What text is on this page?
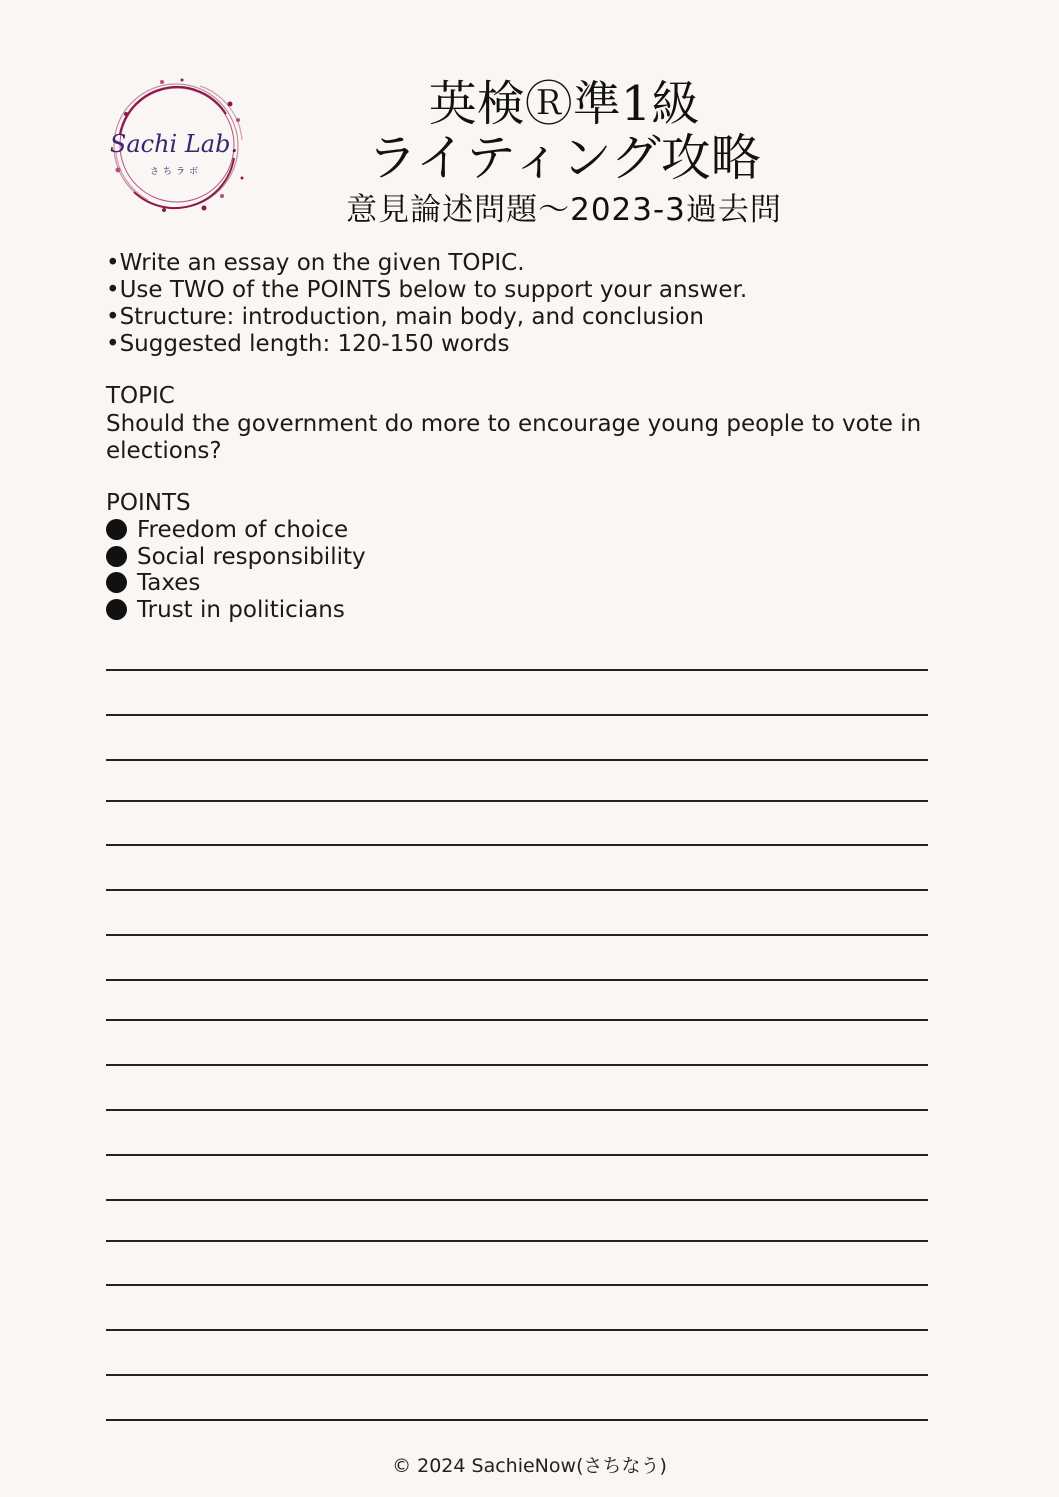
Sachi Lab.
さちラボ
英検Ⓡ準1級
ライティング攻略
意見論述問題～2023-3過去問
•Write an essay on the given TOPIC.
•Use TWO of the POINTS below to support your answer.
•Structure: introduction, main body, and conclusion
•Suggested length: 120-150 words
TOPIC
Should the government do more to encourage young people to vote in elections?
POINTS
Freedom of choice
Social responsibility
Taxes
Trust in politicians
© 2024 SachieNow(さちなう)
